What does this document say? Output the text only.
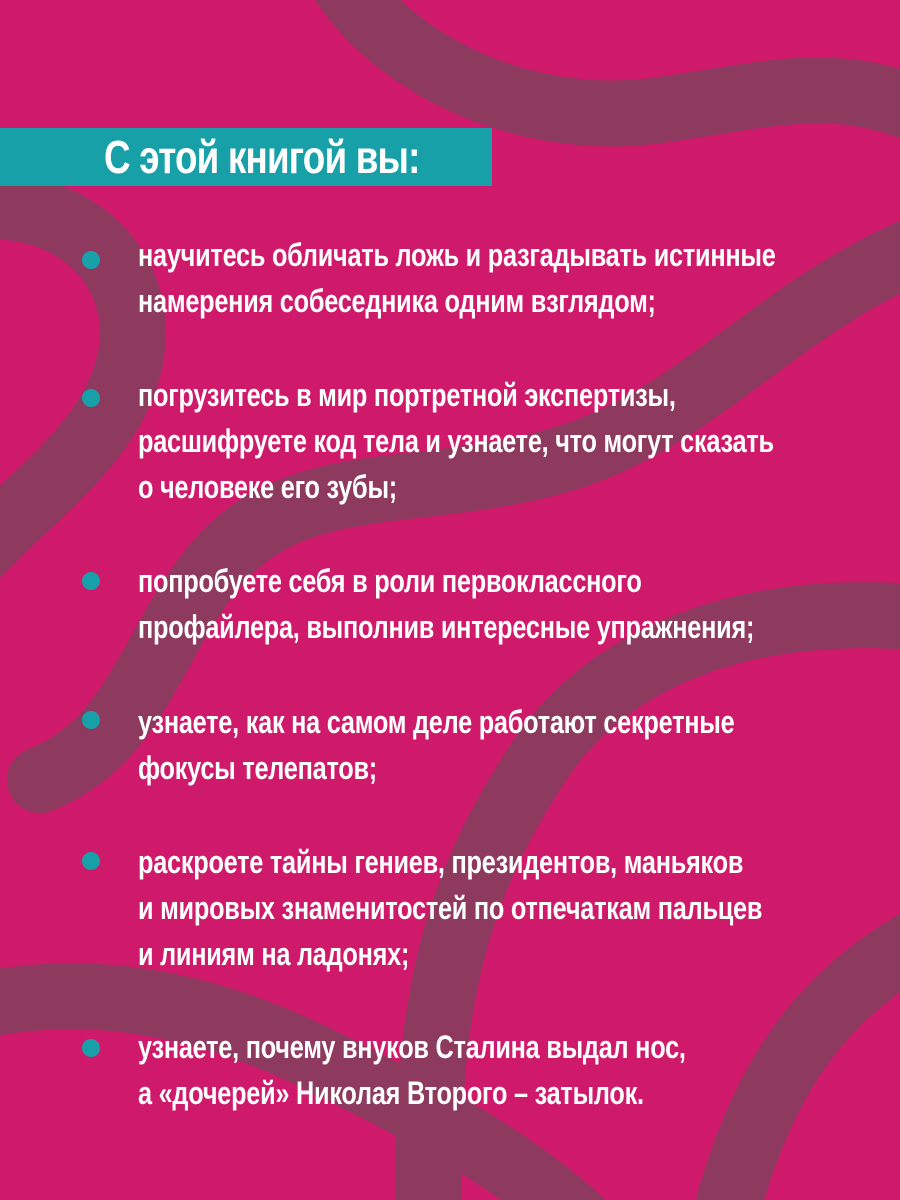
С этой книгой вы:
научитесь обличать ложь и разгадывать истинные
намерения собеседника одним взглядом;
погрузитесь в мир портретной экспертизы,
расшифруете код тела и узнаете, что могут сказать
о человеке его зубы;
попробуете себя в роли первоклассного
профайлера, выполнив интересные упражнения;
узнаете, как на самом деле работают секретные
фокусы телепатов;
раскроете тайны гениев, президентов, маньяков
и мировых знаменитостей по отпечаткам пальцев
и линиям на ладонях;
узнаете, почему внуков Сталина выдал нос,
а «дочерей» Николая Второго – затылок.
